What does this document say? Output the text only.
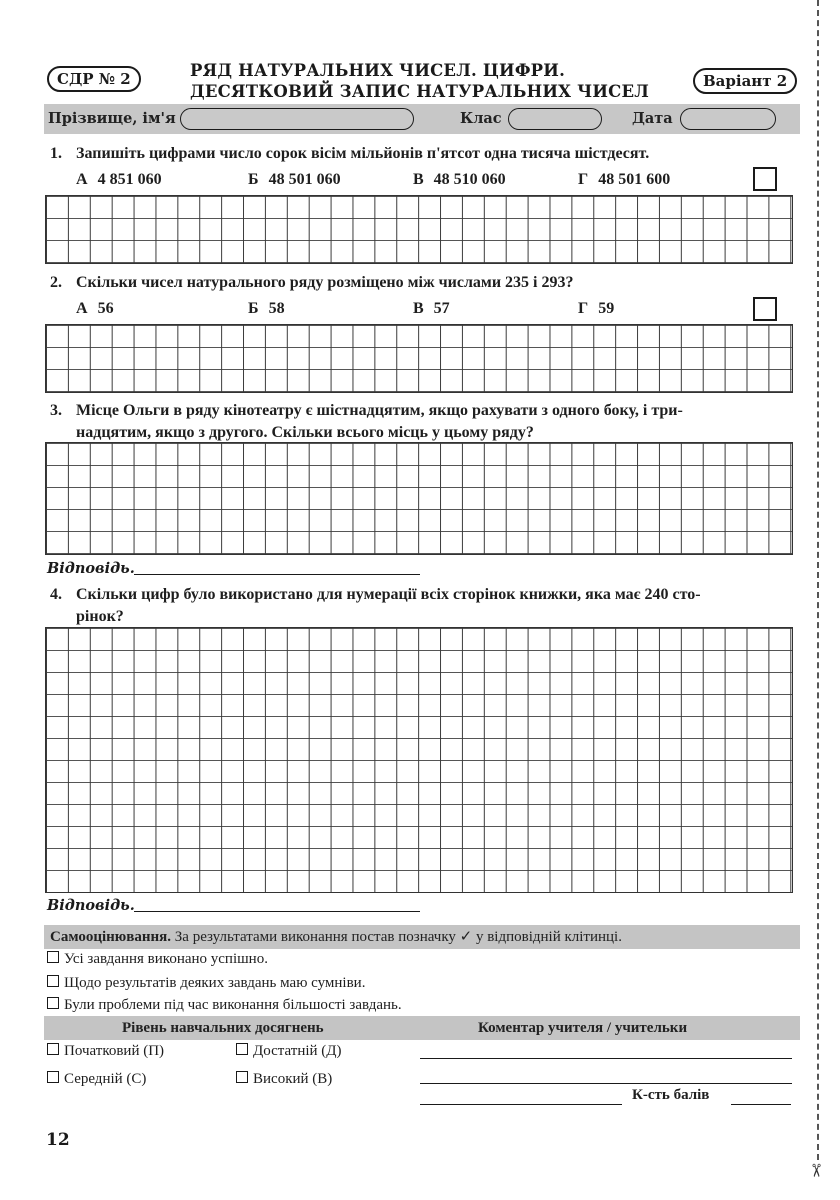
СДР № 2	РЯД НАТУРАЛЬНИХ ЧИСЕЛ. ЦИФРИ.
ДЕСЯТКОВИЙ ЗАПИС НАТУРАЛЬНИХ ЧИСЕЛ
Варіант 2
Прізвище, ім'я	Клас	Дата
1. Запишіть цифрами число сорок вісім мільйонів п'ятсот одна тисяча шістдесят.
А 4 851 060	Б 48 501 060	В 48 510 060	Г 48 501 600
2. Скільки чисел натурального ряду розміщено між числами 235 і 293?
А 56	Б 58	В 57	Г 59
3. Місце Ольги в ряду кінотеатру є шістнадцятим, якщо рахувати з одного боку, і три-
надцятим, якщо з другого. Скільки всього місць у цьому ряду?
Відповідь.
4. Скільки цифр було використано для нумерації всіх сторінок книжки, яка має 240 сто-
рінок?
Відповідь.
Самооцінювання. За результатами виконання постав позначку ✓ у відповідній клітинці.
Усі завдання виконано успішно.
Щодо результатів деяких завдань маю сумніви.
Були проблеми під час виконання більшості завдань.
Рівень навчальних досягнень	Коментар учителя / учительки
Початковий (П)	Достатній (Д)
Середній (С)	Високий (В)
К-сть балів
12
✂
